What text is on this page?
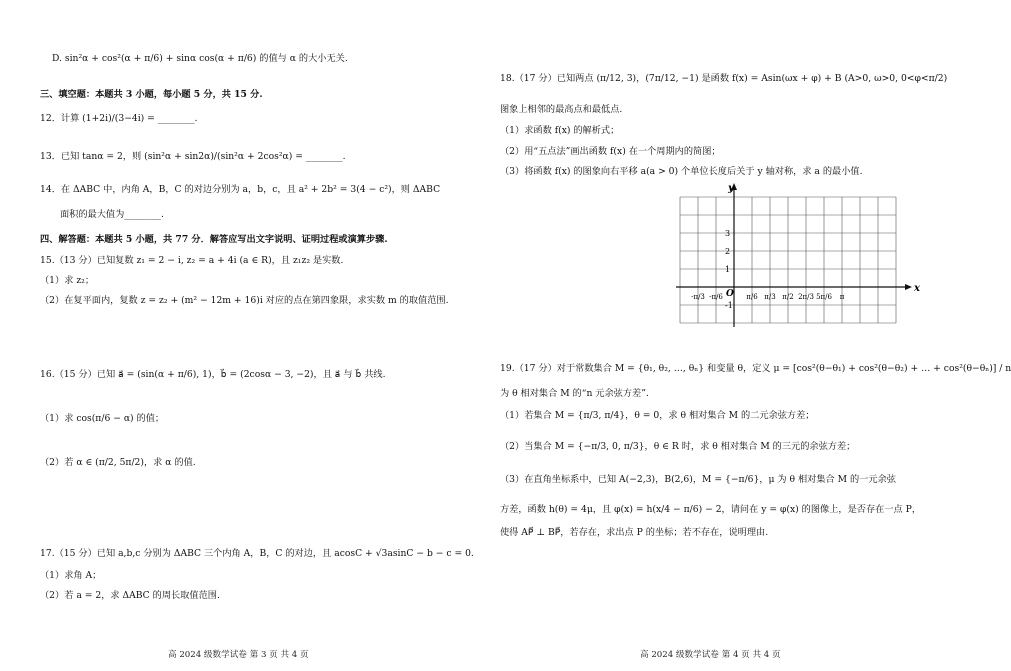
D. sin²α + cos²(α + π/6) + sinα cos(α + π/6) 的值与 α 的大小无关.
三、填空题：本题共 3 小题，每小题 5 分，共 15 分.
12．计算 (1+2i)/(3−4i) = ________.
13．已知 tanα = 2，则 (sin²α + sin2α)/(sin²α + 2cos²α) = ________.
14．在 ΔABC 中，内角 A，B，C 的对边分别为 a，b，c，且 a² + 2b² = 3(4 − c²)，则 ΔABC
面积的最大值为________.
四、解答题：本题共 5 小题，共 77 分．解答应写出文字说明、证明过程或演算步骤.
15.（13 分）已知复数 z₁ = 2 − i, z₂ = a + 4i (a ∈ R)，且 z₁z₂ 是实数.
（1）求 z₂；
（2）在复平面内，复数 z = z₂ + (m² − 12m + 16)i 对应的点在第四象限，求实数 m 的取值范围.
16.（15 分）已知 a⃗ = (sin(α + π/6), 1)，b⃗ = (2cosα − 3, −2)，且 a⃗ 与 b⃗ 共线.
（1）求 cos(π/6 − α) 的值；
（2）若 α ∈ (π/2, 5π/2)，求 α 的值.
17.（15 分）已知 a,b,c 分别为 ΔABC 三个内角 A，B，C 的对边，且 acosC + √3asinC − b − c = 0.
（1）求角 A；
（2）若 a = 2，求 ΔABC 的周长取值范围.
高 2024 级数学试卷 第 3 页 共 4 页
18.（17 分）已知两点 (π/12, 3)，(7π/12, −1) 是函数 f(x) = Asin(ωx + φ) + B (A>0, ω>0, 0<φ<π/2)
图象上相邻的最高点和最低点.
（1）求函数 f(x) 的解析式；
（2）用“五点法”画出函数 f(x) 在一个周期内的简图；
（3）将函数 f(x) 的图象向右平移 a(a > 0) 个单位长度后关于 y 轴对称，求 a 的最小值.
y
x
O
3
2
1
-1
-π/3 -π/6	π/6 π/3 π/2 2π/3 5π/6 π
19.（17 分）对于常数集合 M = {θ₁, θ₂, …, θₙ} 和变量 θ，定义 μ = [cos²(θ−θ₁) + cos²(θ−θ₂) + … + cos²(θ−θₙ)] / n
为 θ 相对集合 M 的“n 元余弦方差”.
（1）若集合 M = {π/3, π/4}，θ = 0，求 θ 相对集合 M 的二元余弦方差；
（2）当集合 M = {−π/3, 0, π/3}，θ ∈ R 时，求 θ 相对集合 M 的三元的余弦方差；
（3）在直角坐标系中，已知 A(−2,3)，B(2,6)，M = {−π/6}，μ 为 θ 相对集合 M 的一元余弦
方差，函数 h(θ) = 4μ，且 φ(x) = h(x/4 − π/6) − 2，请问在 y = φ(x) 的图像上，是否存在一点 P，
使得 AP⃗ ⊥ BP⃗，若存在，求出点 P 的坐标；若不存在，说明理由.
高 2024 级数学试卷 第 4 页 共 4 页
